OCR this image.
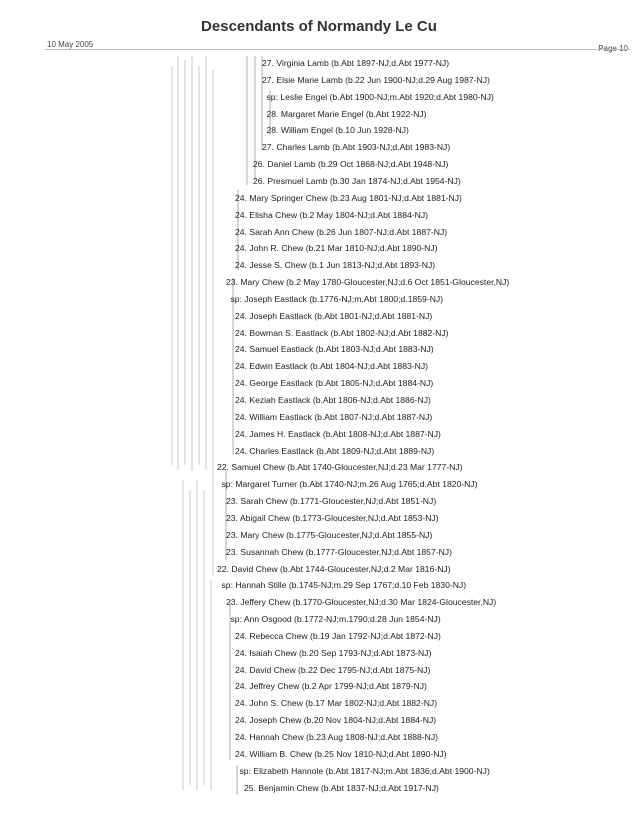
Descendants of Normandy Le Cu
10 May 2005	Page 10
27. Virginia Lamb (b.Abt 1897-NJ;d.Abt 1977-NJ)
27. Elsie Marie Lamb (b.22 Jun 1900-NJ;d.29 Aug 1987-NJ)
sp: Leslie Engel (b.Abt 1900-NJ;m.Abt 1920;d.Abt 1980-NJ)
28. Margaret Marie Engel (b.Abt 1922-NJ)
28. William Engel (b.10 Jun 1928-NJ)
27. Charles Lamb (b.Abt 1903-NJ;d.Abt 1983-NJ)
26. Daniel Lamb (b.29 Oct 1868-NJ;d.Abt 1948-NJ)
26. Presmuel Lamb (b.30 Jan 1874-NJ;d.Abt 1954-NJ)
24. Mary Springer Chew (b.23 Aug 1801-NJ;d.Abt 1881-NJ)
24. Elisha Chew (b.2 May 1804-NJ;d.Abt 1884-NJ)
24. Sarah Ann Chew (b.26 Jun 1807-NJ;d.Abt 1887-NJ)
24. John R. Chew (b.21 Mar 1810-NJ;d.Abt 1890-NJ)
24. Jesse S. Chew (b.1 Jun 1813-NJ;d.Abt 1893-NJ)
23. Mary Chew (b.2 May 1780-Gloucester,NJ;d.6 Oct 1851-Gloucester,NJ)
sp: Joseph Eastlack (b.1776-NJ;m.Abt 1800;d.1859-NJ)
24. Joseph Eastlack (b.Abt 1801-NJ;d.Abt 1881-NJ)
24. Bowman S. Eastlack (b.Abt 1802-NJ;d.Abt 1882-NJ)
24. Samuel Eastlack (b.Abt 1803-NJ;d.Abt 1883-NJ)
24. Edwin Eastlack (b.Abt 1804-NJ;d.Abt 1883-NJ)
24. George Eastlack (b.Abt 1805-NJ;d.Abt 1884-NJ)
24. Keziah Eastlack (b.Abt 1806-NJ;d.Abt 1886-NJ)
24. William Eastlack (b.Abt 1807-NJ;d.Abt 1887-NJ)
24. James H. Eastlack (b.Abt 1808-NJ;d.Abt 1887-NJ)
24. Charles Eastlack (b.Abt 1809-NJ;d.Abt 1889-NJ)
22. Samuel Chew (b.Abt 1740-Gloucester,NJ;d.23 Mar 1777-NJ)
sp: Margaret Turner (b.Abt 1740-NJ;m.26 Aug 1765;d.Abt 1820-NJ)
23. Sarah Chew (b.1771-Gloucester,NJ;d.Abt 1851-NJ)
23. Abigail Chew (b.1773-Gloucester,NJ;d.Abt 1853-NJ)
23. Mary Chew (b.1775-Gloucester,NJ;d.Abt 1855-NJ)
23. Susannah Chew (b.1777-Gloucester,NJ;d.Abt 1857-NJ)
22. David Chew (b.Abt 1744-Gloucester,NJ;d.2 Mar 1816-NJ)
sp: Hannah Stille (b.1745-NJ;m.29 Sep 1767;d.10 Feb 1830-NJ)
23. Jeffery Chew (b.1770-Gloucester,NJ;d.30 Mar 1824-Gloucester,NJ)
sp: Ann Osgood (b.1772-NJ;m.1790;d.28 Jun 1854-NJ)
24. Rebecca Chew (b.19 Jan 1792-NJ;d.Abt 1872-NJ)
24. Isaiah Chew (b.20 Sep 1793-NJ;d.Abt 1873-NJ)
24. David Chew (b.22 Dec 1795-NJ;d.Abt 1875-NJ)
24. Jeffrey Chew (b.2 Apr 1799-NJ;d.Abt 1879-NJ)
24. John S. Chew (b.17 Mar 1802-NJ;d.Abt 1882-NJ)
24. Joseph Chew (b.20 Nov 1804-NJ;d.Abt 1884-NJ)
24. Hannah Chew (b.23 Aug 1808-NJ;d.Abt 1888-NJ)
24. William B. Chew (b.25 Nov 1810-NJ;d.Abt 1890-NJ)
sp: Elizabeth Hannole (b.Abt 1817-NJ;m.Abt 1836;d.Abt 1900-NJ)
25. Benjamin Chew (b.Abt 1837-NJ;d.Abt 1917-NJ)
